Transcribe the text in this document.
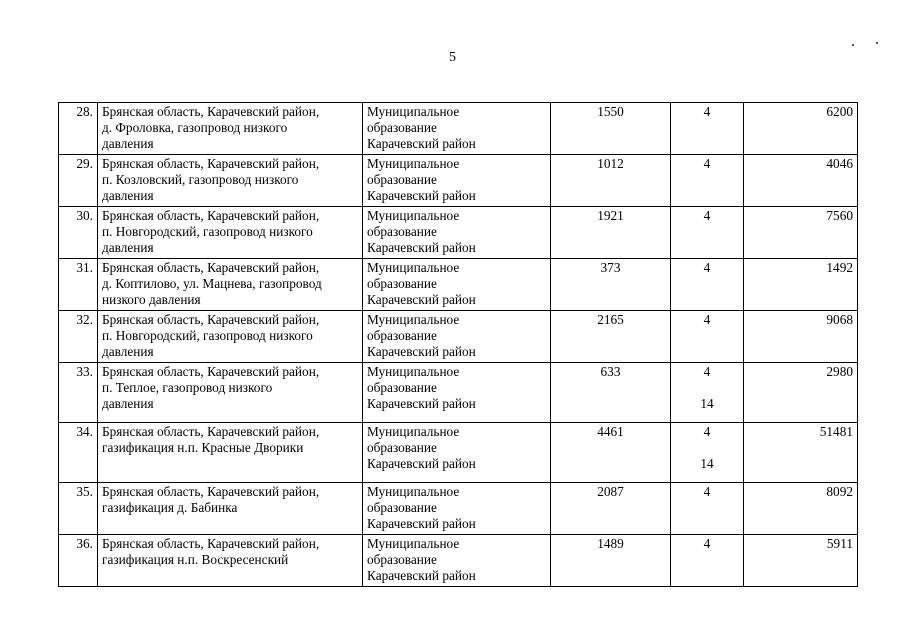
5
28.	Брянская область, Карачевский район,
д. Фроловка, газопровод низкого
давления	Муниципальное
образование
Карачевский район	1550	4	6200
29.	Брянская область, Карачевский район,
п. Козловский, газопровод низкого
давления	Муниципальное
образование
Карачевский район	1012	4	4046
30.	Брянская область, Карачевский район,
п. Новгородский, газопровод низкого
давления	Муниципальное
образование
Карачевский район	1921	4	7560
31.	Брянская область, Карачевский район,
д. Коптилово, ул. Мацнева, газопровод
низкого давления	Муниципальное
образование
Карачевский район	373	4	1492
32.	Брянская область, Карачевский район,
п. Новгородский, газопровод низкого
давления	Муниципальное
образование
Карачевский район	2165	4	9068
33.	Брянская область, Карачевский район,
п. Теплое, газопровод низкого
давления	Муниципальное
образование
Карачевский район	633	4
14	2980
34.	Брянская область, Карачевский район,
газификация н.п. Красные Дворики	Муниципальное
образование
Карачевский район	4461	4
14	51481
35.	Брянская область, Карачевский район,
газификация д. Бабинка	Муниципальное
образование
Карачевский район	2087	4	8092
36.	Брянская область, Карачевский район,
газификация н.п. Воскресенский	Муниципальное
образование
Карачевский район	1489	4	5911
